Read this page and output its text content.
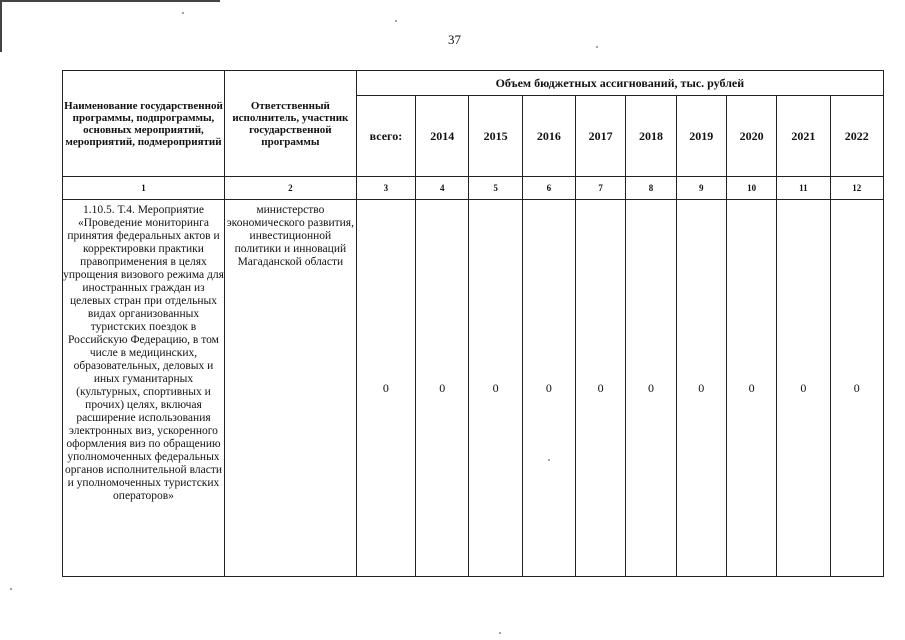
37
Наименование государственной программы, подпрограммы, основных мероприятий, мероприятий, подмероприятий	Ответственный исполнитель, участник государственной программы	Объем бюджетных ассигнований, тыс. рублей									
		всего:	2014	2015	2016	2017	2018	2019	2020	2021	2022
1	2	3	4	5	6	7	8	9	10	11	12
1.10.5. Т.4. Мероприятие «Проведение мониторинга принятия федеральных актов и корректировки практики правоприменения в целях упрощения визового режима для иностранных граждан из целевых стран при отдельных видах организованных туристских поездок в Российскую Федерацию, в том числе в медицинских, образовательных, деловых и иных гуманитарных (культурных, спортивных и прочих) целях, включая расширение использования электронных виз, ускоренного оформления виз по обращению уполномоченных федеральных органов исполнительной власти и уполномоченных туристских операторов»	министерство экономического развития, инвестиционной политики и инноваций Магаданской области	0	0	0	0	0	0	0	0	0	0
